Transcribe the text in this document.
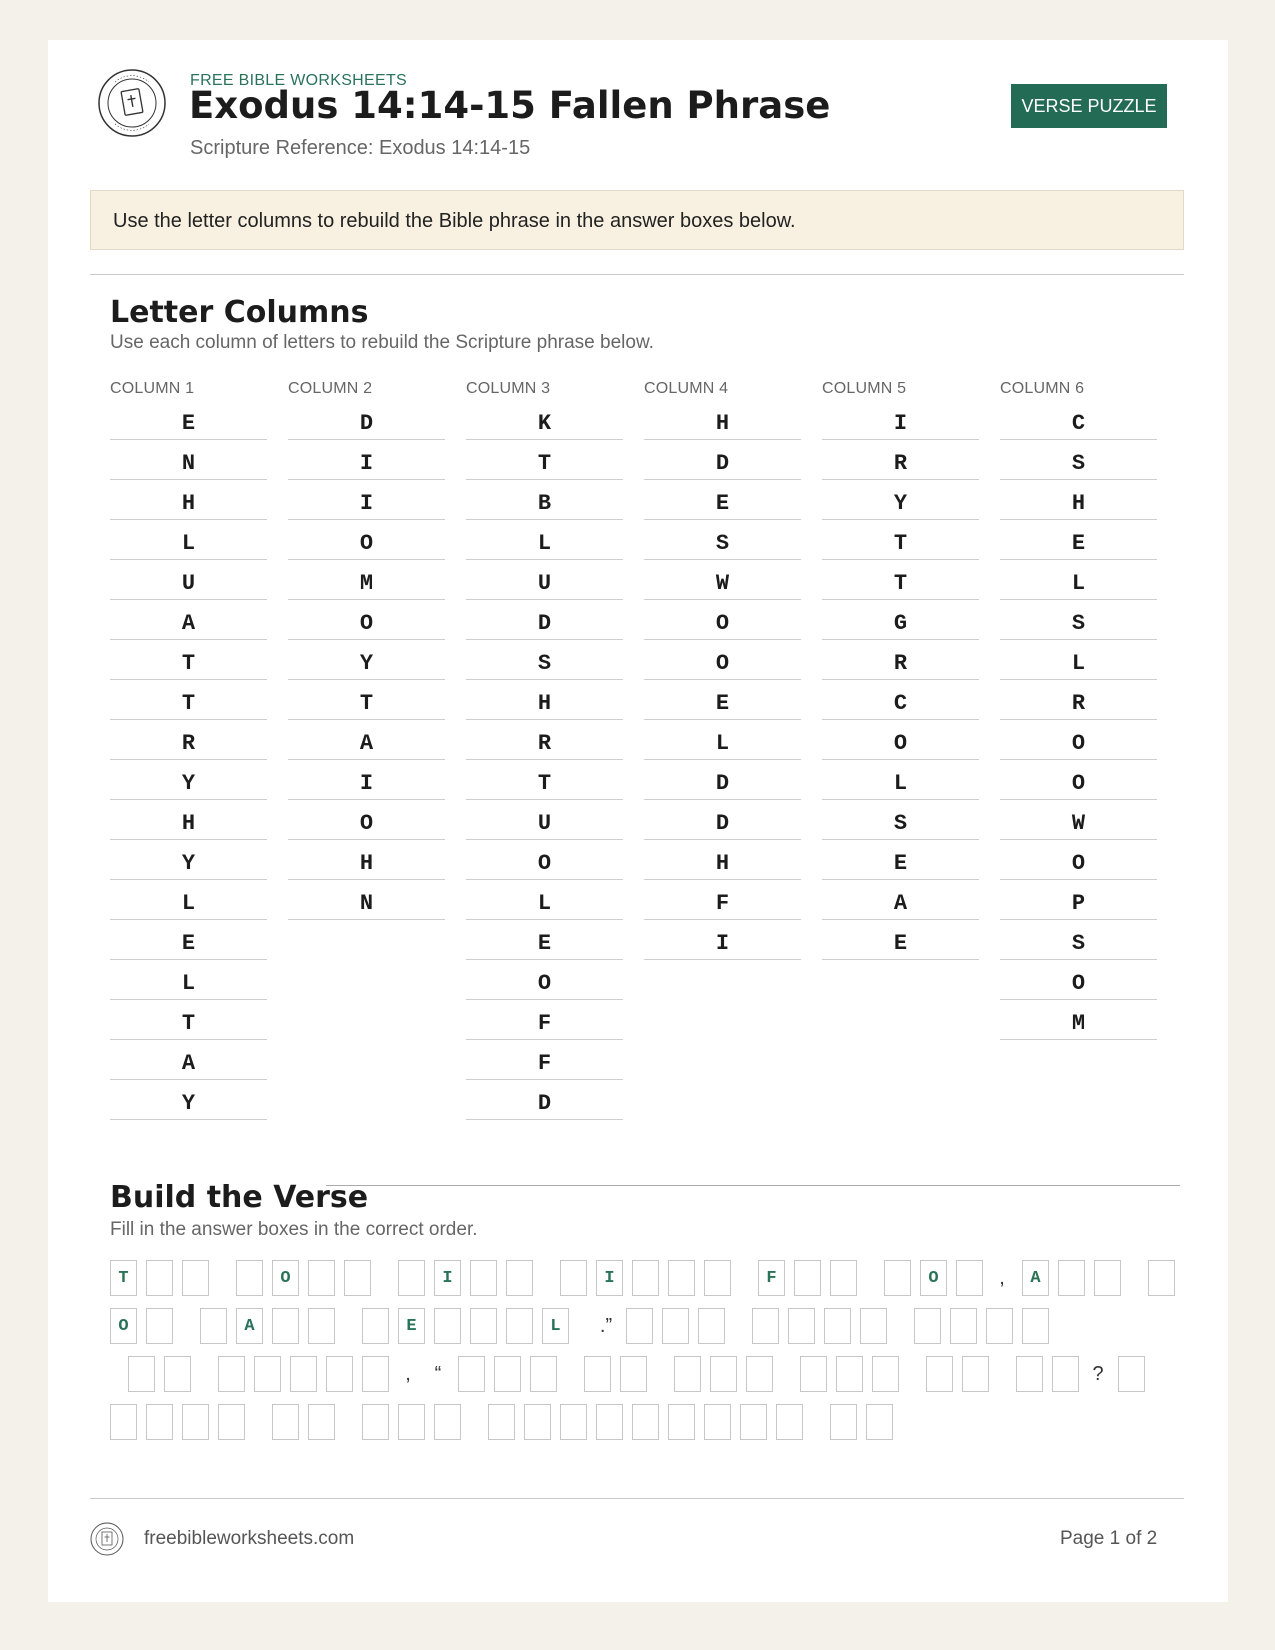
FREE BIBLE WORKSHEETS
Exodus 14:14-15 Fallen Phrase
Scripture Reference: Exodus 14:14-15
VERSE PUZZLE
Use the letter columns to rebuild the Bible phrase in the answer boxes below.
Letter Columns
Use each column of letters to rebuild the Scripture phrase below.
COLUMN 1
E
N
H
L
U
A
T
T
R
Y
H
Y
L
E
L
T
A
Y
COLUMN 2
D
I
I
O
M
O
Y
T
A
I
O
H
N
COLUMN 3
K
T
B
L
U
D
S
H
R
T
U
O
L
E
O
F
F
D
COLUMN 4
H
D
E
S
W
O
O
E
L
D
D
H
F
I
COLUMN 5
I
R
Y
T
T
G
R
C
O
L
S
E
A
E
COLUMN 6
C
S
H
E
L
S
L
R
O
O
W
O
P
S
O
M
Build the Verse
Fill in the answer boxes in the correct order.
T	O	I	I	F	O	,	A
O	A	E	L	.”
,	“	?
freebibleworksheets.com	Page 1 of 2
